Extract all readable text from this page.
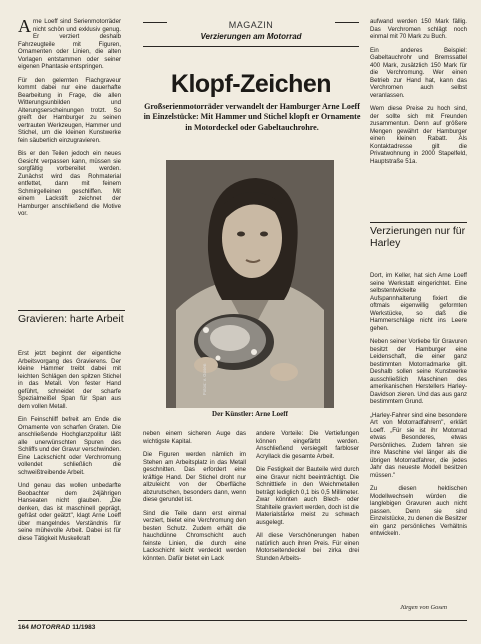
Arne Loeff sind Serienmotorräder nicht schön und exklusiv genug. Er verziert deshalb Fahrzeugteile mit Figuren, Ornamenten oder Linien, die alten Vorlagen entstammen oder seiner eigenen Phantasie entspringen.

Für den gelernten Flachgraveur kommt dabei nur eine dauerhafte Bearbeitung in Frage, die allen Witterungsunbilden und Alterungserscheinungen trotzt. So greift der Hamburger zu seinen vertrauten Werkzeugen, Hammer und Stichel, um die kleinen Kunstwerke fein säuberlich einzugravieren.

Bis er den Teilen jedoch ein neues Gesicht verpassen kann, müssen sie sorgfältig vorbereitet werden. Zunächst wird das Rohmaterial entfettet, dann mit feinem Schmirgelleinen geschliffen. Mit einem Lackstift zeichnet der Hamburger anschließend die Motive vor.

Gravieren: harte Arbeit

Erst jetzt beginnt der eigentliche Arbeitsvorgang des Gravierens. Der kleine Hammer treibt dabei mit leichten Schlägen den spitzen Stichel in das Metall. Von fester Hand geführt, schneidet der scharfe Spezialmeißel Span für Span aus dem vollen Metall.

Ein Feinschliff befreit am Ende die Ornamente von scharfen Graten. Die anschließende Hochglanzpolitur läßt alle unerwünschten Spuren des Schliffs und der Gravur verschwinden. Eine Lackschicht oder Verchromung vollendet schließlich die schweißtreibende Arbeit.

Und genau das wollen unbedarfte Beobachter dem 24jährigen Hanseaten nicht glauben. „Die denken, das ist maschinell geprägt, gefräst oder geätzt", klagt Arne Loeff über mangelndes Verständnis für seine mühevolle Arbeit. Dabei ist für diese Tätigkeit Muskelkraft

MAGAZIN
Verzierungen am Motorrad
Klopf-Zeichen
Großserienmotorräder verwandelt der Hamburger Arne Loeff in Einzelstücke: Mit Hammer und Stichel klopft er Ornamente in Motordeckel oder Gabeltauchrohre.
Fotos: v. Gosen
Der Künstler: Arne Loeff

neben einem sicheren Auge das wichtigste Kapital.

Die Figuren werden nämlich im Stehen am Arbeitsplatz in das Metall geschnitten. Das erfordert eine kräftige Hand. Der Stichel droht nur allzuleicht von der Oberfläche abzurutschen, besonders dann, wenn diese gerundet ist.

Sind die Teile dann erst einmal verziert, bietet eine Verchromung den besten Schutz. Zudem erhält die hauchdünne Chromschicht auch feinste Linien, die durch eine Lackschicht leicht verdeckt werden könnten. Dafür bietet ein Lack

andere Vorteile: Die Vertiefungen können eingefärbt werden. Anschließend versiegelt farbloser Acryllack die gesamte Arbeit.

Die Festigkeit der Bauteile wird durch eine Gravur nicht beeinträchtigt. Die Schnitttiefe in den Weichmetallen beträgt lediglich 0,1 bis 0,5 Millimeter. Zwar könnten auch Blech- oder Stahlteile graviert werden, doch ist die Materialstärke meist zu schwach ausgelegt.

All diese Verschönerungen haben natürlich auch ihren Preis. Für einen Motorseitendeckel bei zirka drei Stunden Arbeits-

aufwand werden 150 Mark fällig. Das Verchromen schlägt noch einmal mit 70 Mark zu Buch.

Ein anderes Beispiel: Gabeltauchrohr und Bremssattel 400 Mark, zusätzlich 150 Mark für die Verchromung. Wer einen Betrieb zur Hand hat, kann das Verchromen auch selbst veranlassen.

Wem diese Preise zu hoch sind, der sollte sich mit Freunden zusammentun. Denn auf größere Mengen gewährt der Hamburger einen kleinen Rabatt. Als Kontaktadresse gilt die Privatwohnung in 2000 Stapelfeld, Hauptstraße 51a.

Verzierungen nur für Harley

Dort, im Keller, hat sich Arne Loeff seine Werkstatt eingerichtet. Eine selbstentwickelte Aufspannhalterung fixiert die oftmals eigenwillig geformten Werkstücke, so daß die Hammerschläge nicht ins Leere gehen.

Neben seiner Vorliebe für Gravuren besitzt der Hamburger eine Leidenschaft, die einer ganz bestimmten Motorradmarke gilt. Deshalb sollen seine Kunstwerke ausschließlich Maschinen des amerikanischen Herstellers Harley-Davidson zieren. Und das aus ganz bestimmtem Grund.

„Harley-Fahrer sind eine besondere Art von Motorradfahrern", erklärt Loeff. „Für sie ist ihr Motorrad etwas Besonderes, etwas Persönliches. Zudem fahren sie ihre Maschine viel länger als die übrigen Motorradfahrer, die jedes Jahr das neueste Modell besitzen müssen."

Zu diesen hektischen Modellwechseln würden die langlebigen Gravuren auch nicht passen. Denn sie sind Einzelstücke, zu denen die Besitzer ein ganz persönliches Verhältnis entwickeln.

Jürgen von Gosen
164 MOTORRAD 11/1983
